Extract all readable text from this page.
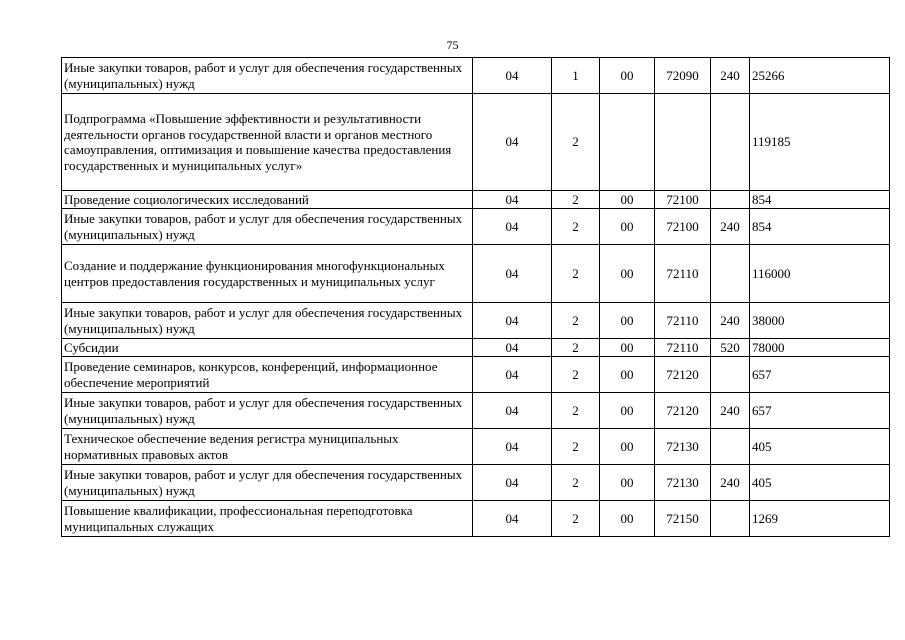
75
Иные закупки товаров, работ и услуг для обеспечения государственных (муниципальных) нужд	04	1	00	72090	240	25266
Подпрограмма «Повышение эффективности и результативности деятельности органов государственной власти и органов местного самоуправления, оптимизация и повышение качества предоставления государственных и муниципальных услуг»	04	2				119185
Проведение социологических исследований	04	2	00	72100		854
Иные закупки товаров, работ и услуг для обеспечения государственных (муниципальных) нужд	04	2	00	72100	240	854
Создание и поддержание функционирования многофункциональных центров предоставления государственных и муниципальных услуг	04	2	00	72110		116000
Иные закупки товаров, работ и услуг для обеспечения государственных (муниципальных) нужд	04	2	00	72110	240	38000
Субсидии	04	2	00	72110	520	78000
Проведение семинаров, конкурсов, конференций, информационное обеспечение мероприятий	04	2	00	72120		657
Иные закупки товаров, работ и услуг для обеспечения государственных (муниципальных) нужд	04	2	00	72120	240	657
Техническое обеспечение ведения регистра муниципальных нормативных правовых актов	04	2	00	72130		405
Иные закупки товаров, работ и услуг для обеспечения государственных (муниципальных) нужд	04	2	00	72130	240	405
Повышение квалификации, профессиональная переподготовка муниципальных служащих	04	2	00	72150		1269
